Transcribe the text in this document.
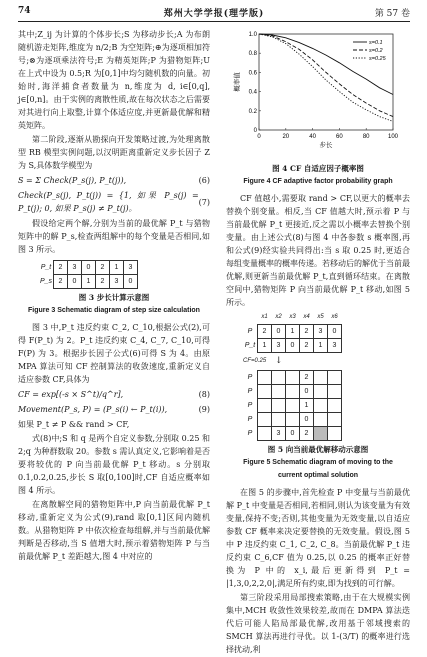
74	郑州大学学报(理学版)	第 57 卷

其中;Z_ij 为计算的个体步长;S 为移动步长;A 为布朗随机游走矩阵,维度为 n/2;B 为空矩阵;⊕为逐项相加符号;⊗为逐项乘法符号;E 为精英矩阵;P 为猎物矩阵;U 在上式中设为 0.5;R 为[0,1]中均匀随机数的向量。初始时,海洋捕食者数量为 n,维度为 d, i∈[0,q], j∈[0,n]。由于实例的离散性质,故在每次状态之后需要对其进行向上取整,计算个体适应度,并更新最优解和精英矩阵。

第二阶段,逐渐从勘探向开发策略过渡,为处理离散型 RB 模型实例问题,以汉明距离重新定义步长因子 Z 为 S,具体数学模型为

S = Σ Check(P_s(j), P_t(j)),	(6)
Check(P_s(j), P_t(j)) = {1, 如果 P_s(j) = P_t(j); 0, 如果 P_s(j) ≠ P_t(j)。
(7)

假设给定两个解,分别为当前的最优解 P_t 与猎物矩阵中的解 P_s,检查两组解中的每个变量是否相同,如图 3 所示。

P_t	2	3	0	2	1	3
P_s	2	0	1	2	3	0
图 3 步长计算示意图
Figure 3 Schematic diagram of step size calculation

图 3 中,P_t 违反约束 C_2, C_10,根据公式(2),可得 F(P_t) 为 2。P_t 违反约束 C_4, C_7, C_10,可得 F(P) 为 3。根据步长因子公式(6)可得 S 为 4。由原 MPA 算法可知 CF 控制算法的收敛速度,重新定义自适应参数 CF,具体为

CF = exp[(-s × S^t)/q^r],	(8)
Movement(P_s, P) = (P_s(i) ← P_t(i)),	(9)

如果 P_t ≠ P && rand > CF,

式(8)中;S 和 q 是两个自定义参数,分别取 0.25 和 2;q 为种群数取 20。参数 s 需认真定义,它影响着是否要将较优的 P 向当前最优解 P_t 移动。s 分别取 0.1,0.2,0.25,步长 S 取[0,100]时,CF 自适应概率如图 4 所示。

在离散解空间的猎物矩阵中,P 向当前最优解 P_t 移动,重新定义为公式(9),rand 取[0,1]区间内随机数。从猎物矩阵 P 中依次检查每组解,并与当前最优解判断是否移动,当 S 值增大时,预示着猎物矩阵 P 与当前最优解 P_t 差距越大,图 4 中对应的

0	20	40	60	80	100
0
0.2
0.4
0.6
0.8
1.0
步长
概率值
s=0.1
s=0.2
s=0.25
图 4 CF 自适应因子概率图
Figure 4 CF adaptive factor probability graph

CF 值越小,需要取 rand > CF,以更大的概率去替换个别变量。相反,当 CF 值越大时,预示着 P 与当前最优解 P_t 更接近,反之需以小概率去替换个别变量。由上述公式(8)与图 4 中各参数 s 概率图,再和公式(9)经实验共同得出:当 s 取 0.25 时,更适合每组变量概率的概率传递。若移动后的解优于当前最优解,则更新当前最优解 P_t,直到循环结束。在离散空间中,猎物矩阵 P 向当前最优解 P_t 移动,如图 5 所示。

	x1	x2	x3	x4	x5	x6
P	2	0	1	2	3	0
P_t	1	3	0	2	1	3
CF=0.25 ↓
P				2		
P				0		
P				1		
P				0		
P		3	0	2		
图 5 向当前最优解移动示意图
Figure 5 Schematic diagram of moving to the
current optimal solution

在图 5 的步骤中,首先检查 P 中变量与当前最优解 P_t 中变量是否相同,若相同,则认为该变量为有效变量,保持不变;否则,其他变量为无效变量,以自适应参数 CF 概率来决定要替换的无效变量。假设,图 5 中 P 违反约束 C_1, C_2, C_8。当前最优解 P_t 违反约束 C_6,CF 值为 0.25,以 0.25 的概率正好替换为 P 中的 x_i,最后更新得到 P_t = |1,3,0,2,2,0|,满足所有约束,即为找到的可行解。

第三阶段采用局部搜索策略,由于在大规模实例集中,MCH 收敛性效果较差,故而在 DMPA 算法迭代后可能人陷局部最优解,改用基于邻域搜索的 SMCH 算法再进行寻优。以 1-(3/T) 的概率进行选择扰动,利
